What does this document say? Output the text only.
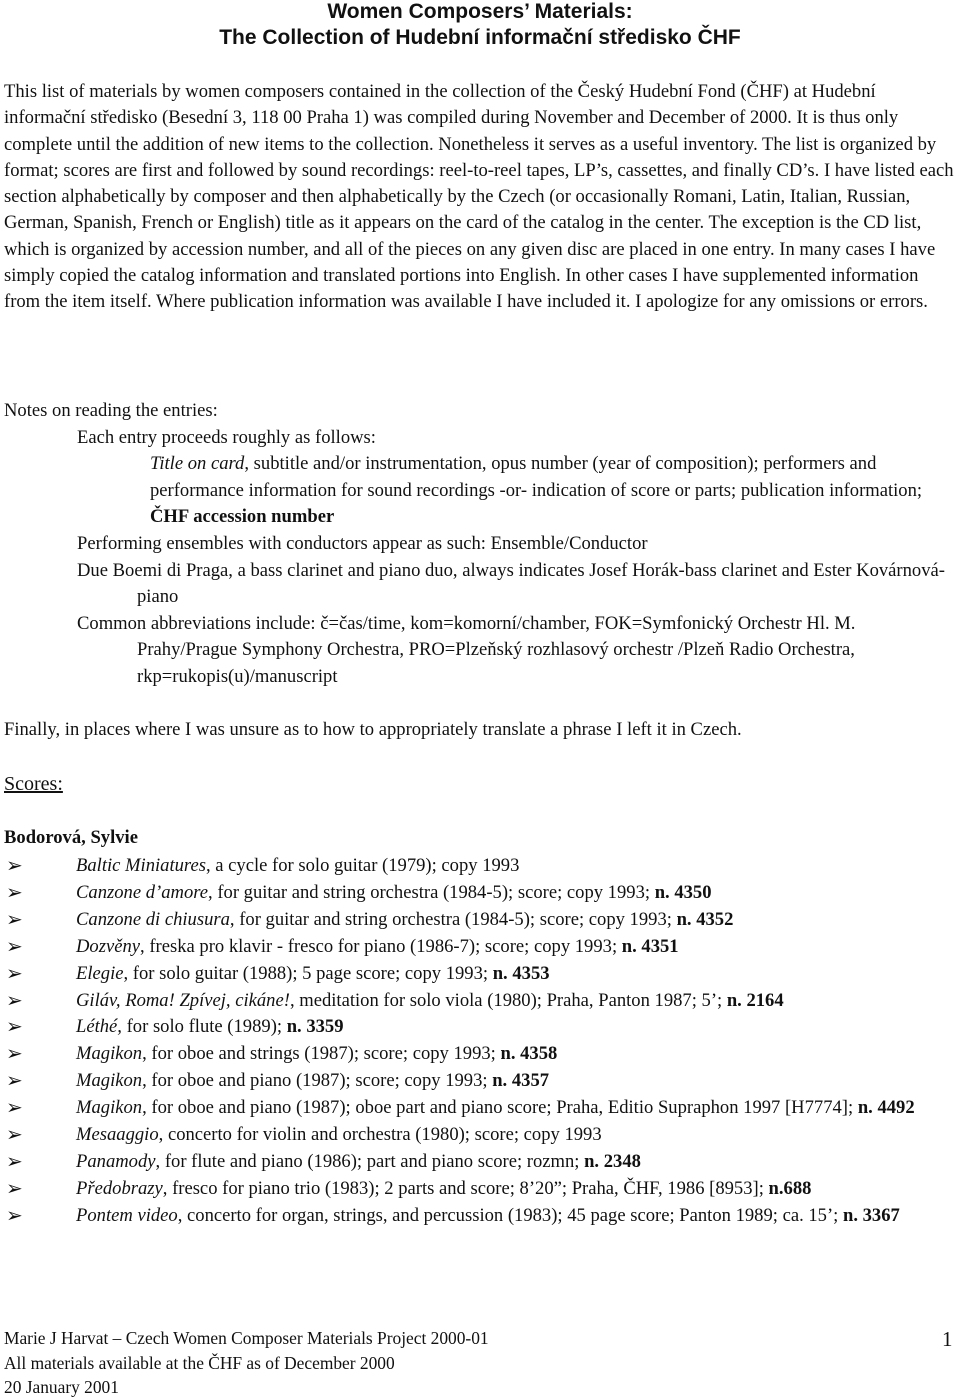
Women Composers’ Materials:
The Collection of Hudební informační středisko ČHF
This list of materials by women composers contained in the collection of the Český Hudební Fond (ČHF) at Hudební informační středisko (Besední 3, 118 00 Praha 1) was compiled during November and December of 2000. It is thus only complete until the addition of new items to the collection. Nonetheless it serves as a useful inventory. The list is organized by format; scores are first and followed by sound recordings: reel-to-reel tapes, LP’s, cassettes, and finally CD’s. I have listed each section alphabetically by composer and then alphabetically by the Czech (or occasionally Romani, Latin, Italian, Russian, German, Spanish, French or English) title as it appears on the card of the catalog in the center. The exception is the CD list, which is organized by accession number, and all of the pieces on any given disc are placed in one entry. In many cases I have simply copied the catalog information and translated portions into English. In other cases I have supplemented information from the item itself. Where publication information was available I have included it. I apologize for any omissions or errors.
Notes on reading the entries:
Each entry proceeds roughly as follows:
Title on card, subtitle and/or instrumentation, opus number (year of composition); performers and performance information for sound recordings -or- indication of score or parts; publication information; ČHF accession number
Performing ensembles with conductors appear as such: Ensemble/Conductor
Due Boemi di Praga, a bass clarinet and piano duo, always indicates Josef Horák-bass clarinet and Ester Kovárnová-piano
Common abbreviations include: č=čas/time, kom=komorní/chamber, FOK=Symfonický Orchestr Hl. M. Prahy/Prague Symphony Orchestra, PRO=Plzeňský rozhlasový orchestr /Plzeň Radio Orchestra, rkp=rukopis(u)/manuscript
Finally, in places where I was unsure as to how to appropriately translate a phrase I left it in Czech.
Scores:
Bodorová, Sylvie
➢	Baltic Miniatures, a cycle for solo guitar (1979); copy 1993
➢	Canzone d’amore, for guitar and string orchestra (1984-5); score; copy 1993; n. 4350
➢	Canzone di chiusura, for guitar and string orchestra (1984-5); score; copy 1993; n. 4352
➢	Dozvěny, freska pro klavir - fresco for piano (1986-7); score; copy 1993; n. 4351
➢	Elegie, for solo guitar (1988); 5 page score; copy 1993; n. 4353
➢	Giláv, Roma! Zpívej, cikáne!, meditation for solo viola (1980); Praha, Panton 1987; 5’; n. 2164
➢	Léthé, for solo flute (1989); n. 3359
➢	Magikon, for oboe and strings (1987); score; copy 1993; n. 4358
➢	Magikon, for oboe and piano (1987); score; copy 1993; n. 4357
➢	Magikon, for oboe and piano (1987); oboe part and piano score; Praha, Editio Supraphon 1997 [H7774]; n. 4492
➢	Mesaaggio, concerto for violin and orchestra (1980); score; copy 1993
➢	Panamody, for flute and piano (1986); part and piano score; rozmn; n. 2348
➢	Předobrazy, fresco for piano trio (1983); 2 parts and score; 8’20”; Praha, ČHF, 1986 [8953]; n.688
➢	Pontem video, concerto for organ, strings, and percussion (1983); 45 page score; Panton 1989; ca. 15’; n. 3367
Marie J Harvat – Czech Women Composer Materials Project 2000-01
All materials available at the ČHF as of December 2000
20 January 2001
1
